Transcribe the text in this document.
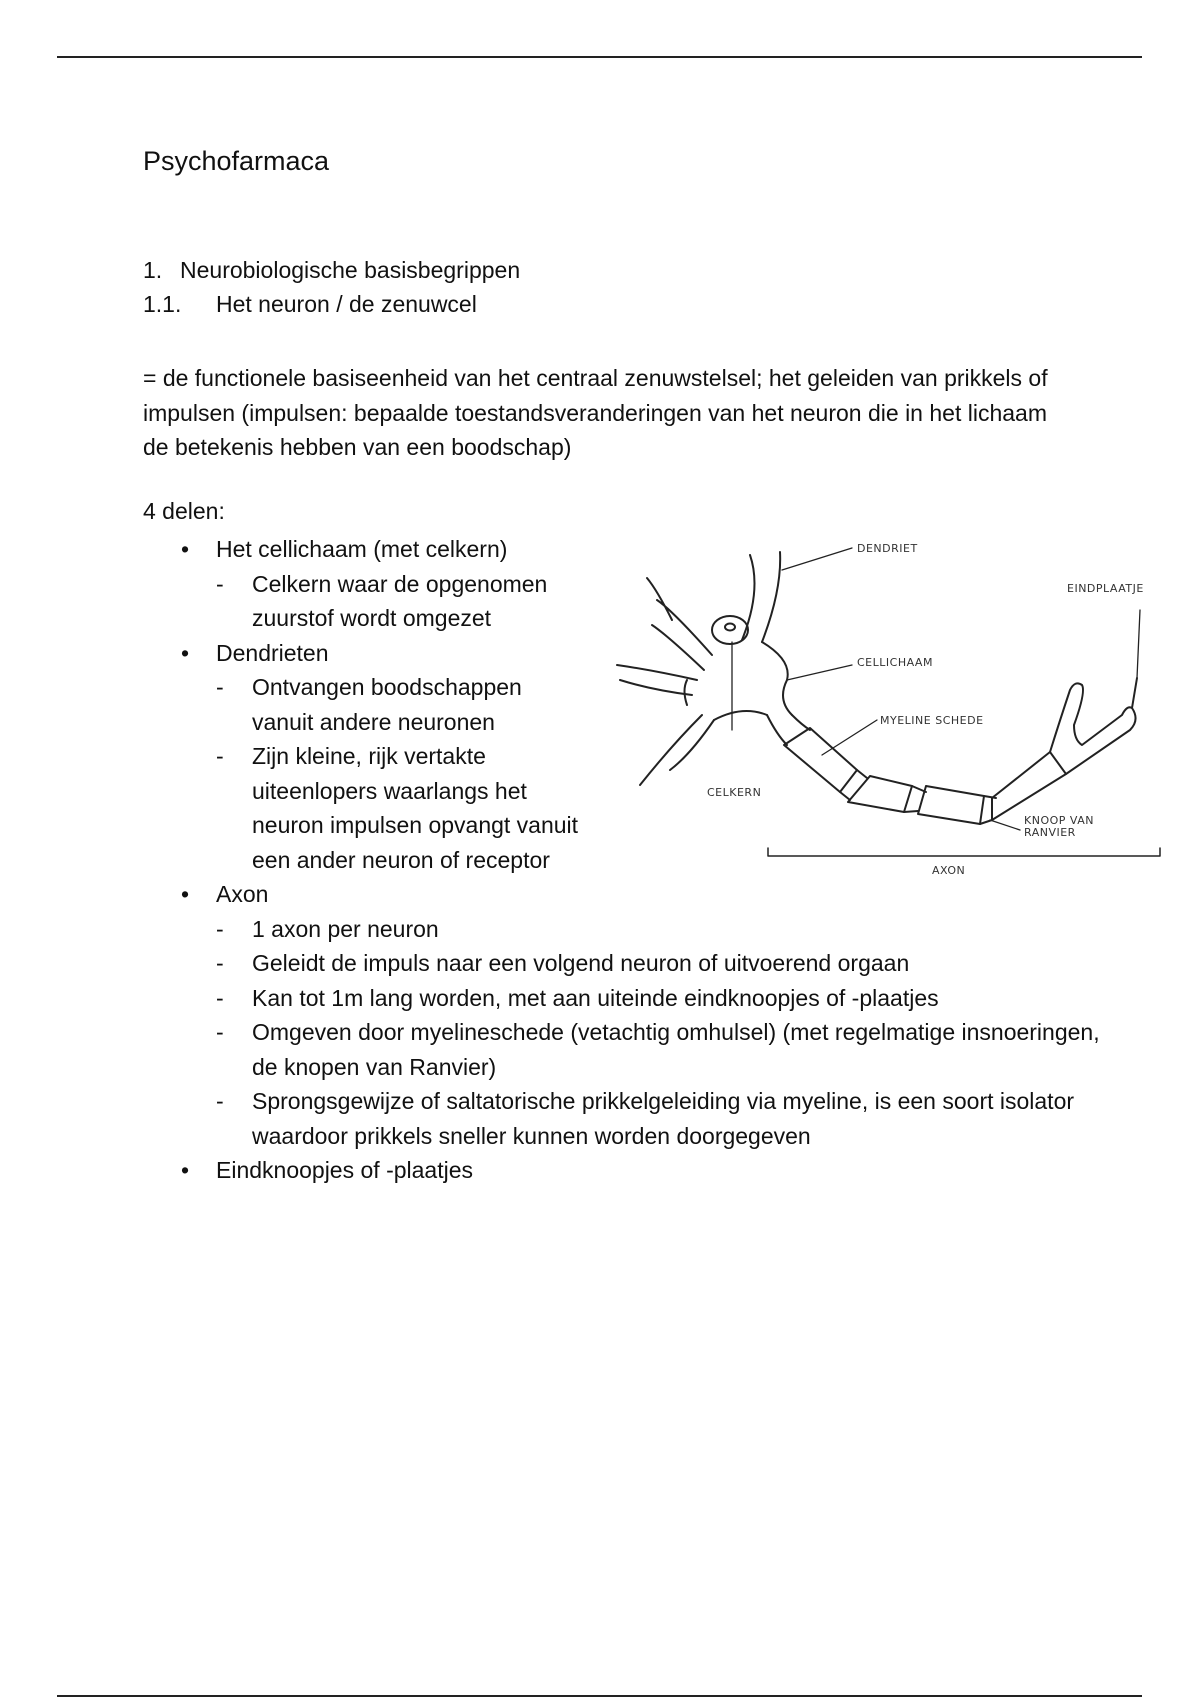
Psychofarmaca
1. Neurobiologische basisbegrippen
1.1. Het neuron / de zenuwcel
= de functionele basiseenheid van het centraal zenuwstelsel; het geleiden van prikkels of impulsen (impulsen: bepaalde toestandsveranderingen van het neuron die in het lichaam de betekenis hebben van een boodschap)
4 delen:
• Het cellichaam (met celkern)
- Celkern waar de opgenomen zuurstof wordt omgezet
• Dendrieten
- Ontvangen boodschappen vanuit andere neuronen
- Zijn kleine, rijk vertakte uiteenlopers waarlangs het neuron impulsen opvangt vanuit een ander neuron of receptor
• Axon
- 1 axon per neuron
- Geleidt de impuls naar een volgend neuron of uitvoerend orgaan
- Kan tot 1m lang worden, met aan uiteinde eindknoopjes of -plaatjes
- Omgeven door myelineschede (vetachtig omhulsel) (met regelmatige insnoeringen, de knopen van Ranvier)
- Sprongsgewijze of saltatorische prikkelgeleiding via myeline, is een soort isolator waardoor prikkels sneller kunnen worden doorgegeven
• Eindknoopjes of -plaatjes
DENDRIET
EINDPLAATJE
CELLICHAAM
MYELINE SCHEDE
CELKERN
KNOOP VAN
RANVIER
AXON
